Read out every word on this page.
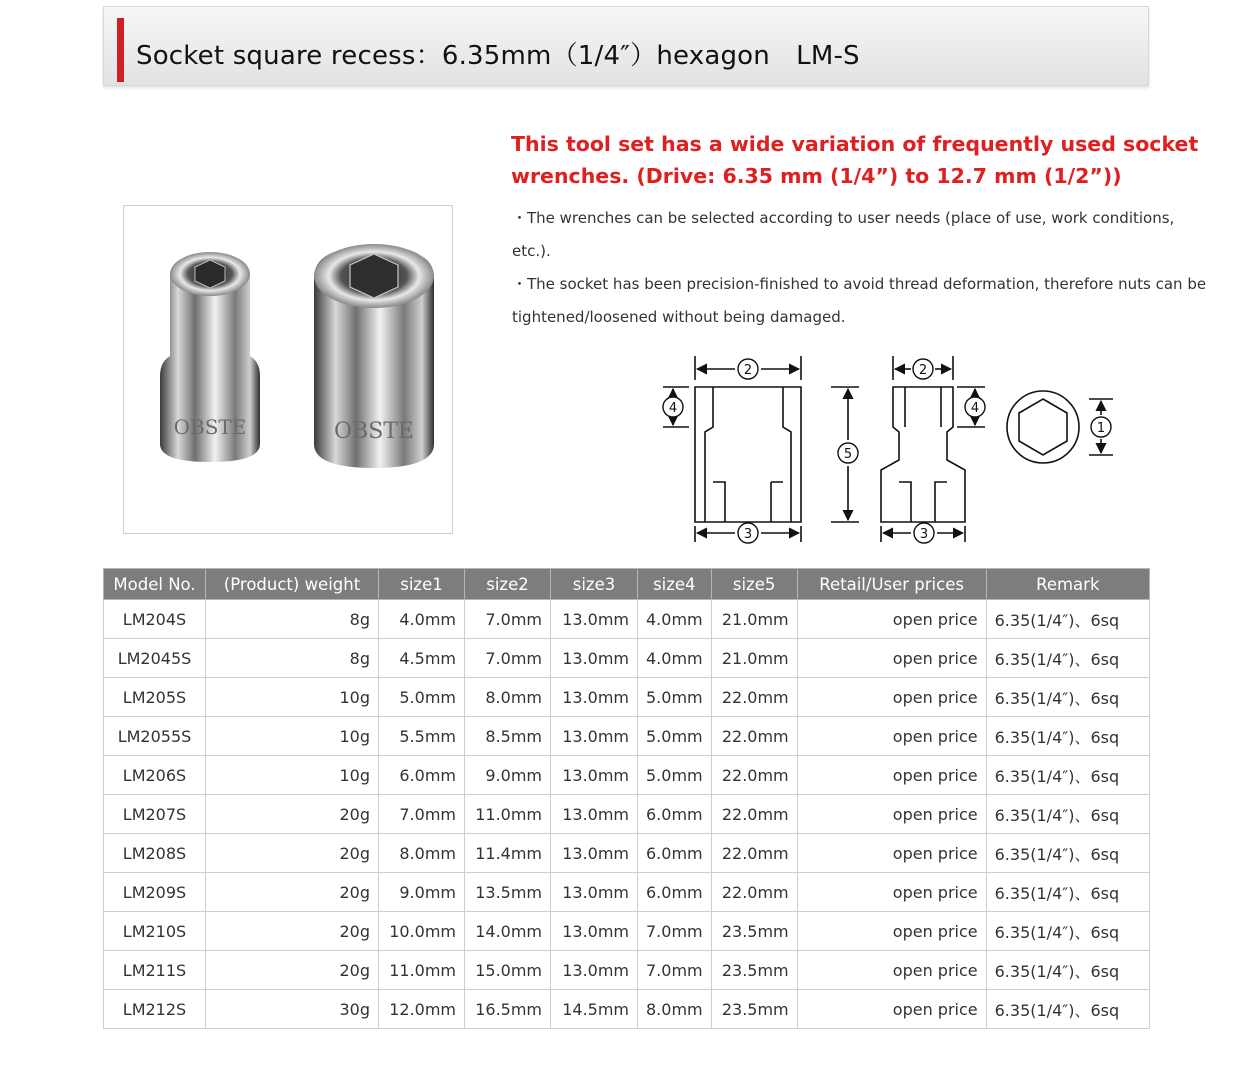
Socket square recess：6.35mm（1/4″）hexagon　LM-S
OBSTE	OBSTE
This tool set has a wide variation of frequently used socket wrenches. (Drive: 6.35 mm (1/4”) to 12.7 mm (1/2”))
・The wrenches can be selected according to user needs (place of use, work conditions, etc.).
・The socket has been precision-finished to avoid thread deformation, therefore nuts can be tightened/loosened without being damaged.
2
3
4
5
2
3
4
1
Model No.	(Product) weight	size1	size2	size3	size4	size5	Retail/User prices	Remark
LM204S	8g	4.0mm	7.0mm	13.0mm	4.0mm	21.0mm	open price	6.35(1/4″)、6sq
LM2045S	8g	4.5mm	7.0mm	13.0mm	4.0mm	21.0mm	open price	6.35(1/4″)、6sq
LM205S	10g	5.0mm	8.0mm	13.0mm	5.0mm	22.0mm	open price	6.35(1/4″)、6sq
LM2055S	10g	5.5mm	8.5mm	13.0mm	5.0mm	22.0mm	open price	6.35(1/4″)、6sq
LM206S	10g	6.0mm	9.0mm	13.0mm	5.0mm	22.0mm	open price	6.35(1/4″)、6sq
LM207S	20g	7.0mm	11.0mm	13.0mm	6.0mm	22.0mm	open price	6.35(1/4″)、6sq
LM208S	20g	8.0mm	11.4mm	13.0mm	6.0mm	22.0mm	open price	6.35(1/4″)、6sq
LM209S	20g	9.0mm	13.5mm	13.0mm	6.0mm	22.0mm	open price	6.35(1/4″)、6sq
LM210S	20g	10.0mm	14.0mm	13.0mm	7.0mm	23.5mm	open price	6.35(1/4″)、6sq
LM211S	20g	11.0mm	15.0mm	13.0mm	7.0mm	23.5mm	open price	6.35(1/4″)、6sq
LM212S	30g	12.0mm	16.5mm	14.5mm	8.0mm	23.5mm	open price	6.35(1/4″)、6sq
